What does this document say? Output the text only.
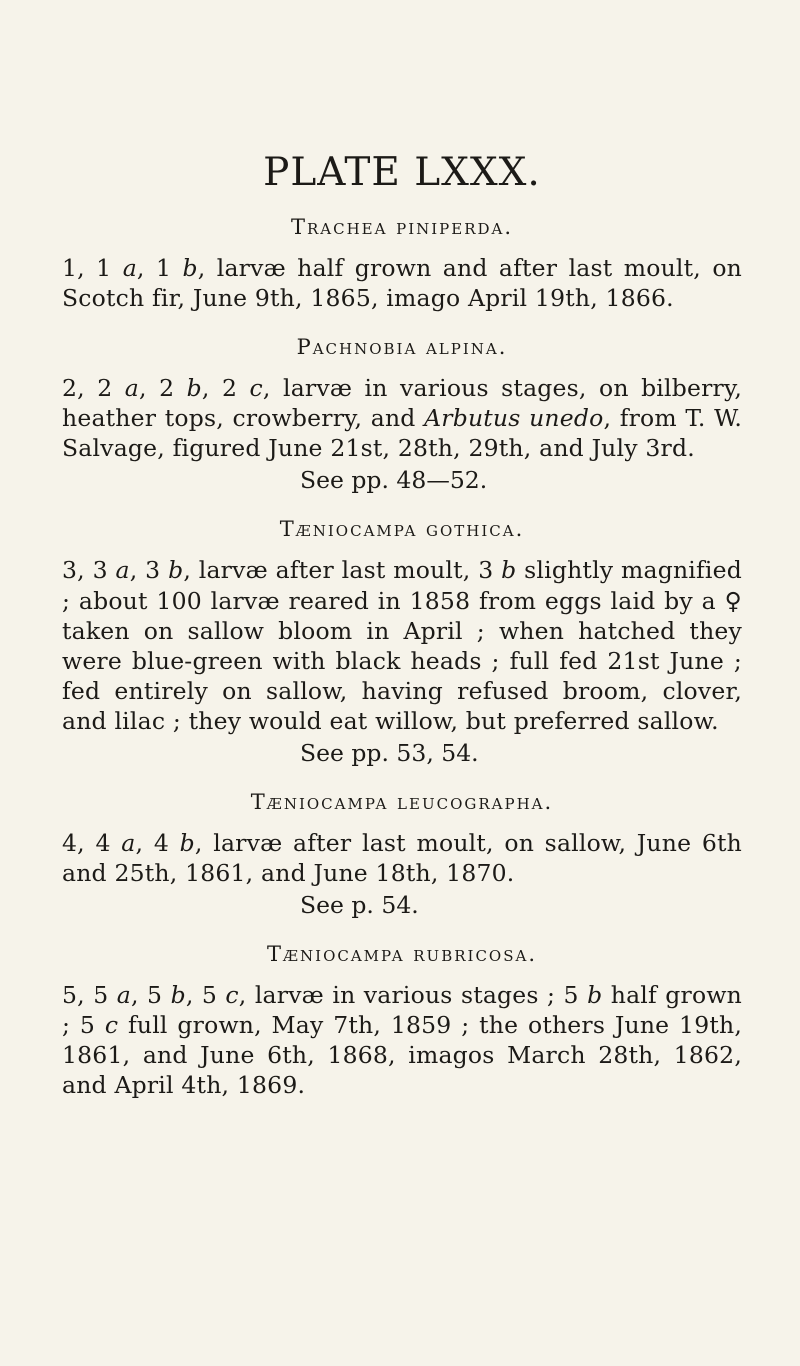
PLATE LXXX.
Trachea piniperda.

1, 1 a, 1 b, larvæ half grown and after last moult, on Scotch fir, June 9th, 1865, imago April 19th, 1866.

Pachnobia alpina.

2, 2 a, 2 b, 2 c, larvæ in various stages, on bilberry, heather tops, crowberry, and Arbutus unedo, from T. W. Salvage, figured June 21st, 28th, 29th, and July 3rd.

See pp. 48—52.

Tæniocampa gothica.

3, 3 a, 3 b, larvæ after last moult, 3 b slightly magnified ; about 100 larvæ reared in 1858 from eggs laid by a ♀ taken on sallow bloom in April ; when hatched they were blue-green with black heads ; full fed 21st June ; fed entirely on sallow, having refused broom, clover, and lilac ; they would eat willow, but preferred sallow.

See pp. 53, 54.

Tæniocampa leucographa.

4, 4 a, 4 b, larvæ after last moult, on sallow, June 6th and 25th, 1861, and June 18th, 1870.

See p. 54.

Tæniocampa rubricosa.

5, 5 a, 5 b, 5 c, larvæ in various stages ; 5 b half grown ; 5 c full grown, May 7th, 1859 ; the others June 19th, 1861, and June 6th, 1868, imagos March 28th, 1862, and April 4th, 1869.
